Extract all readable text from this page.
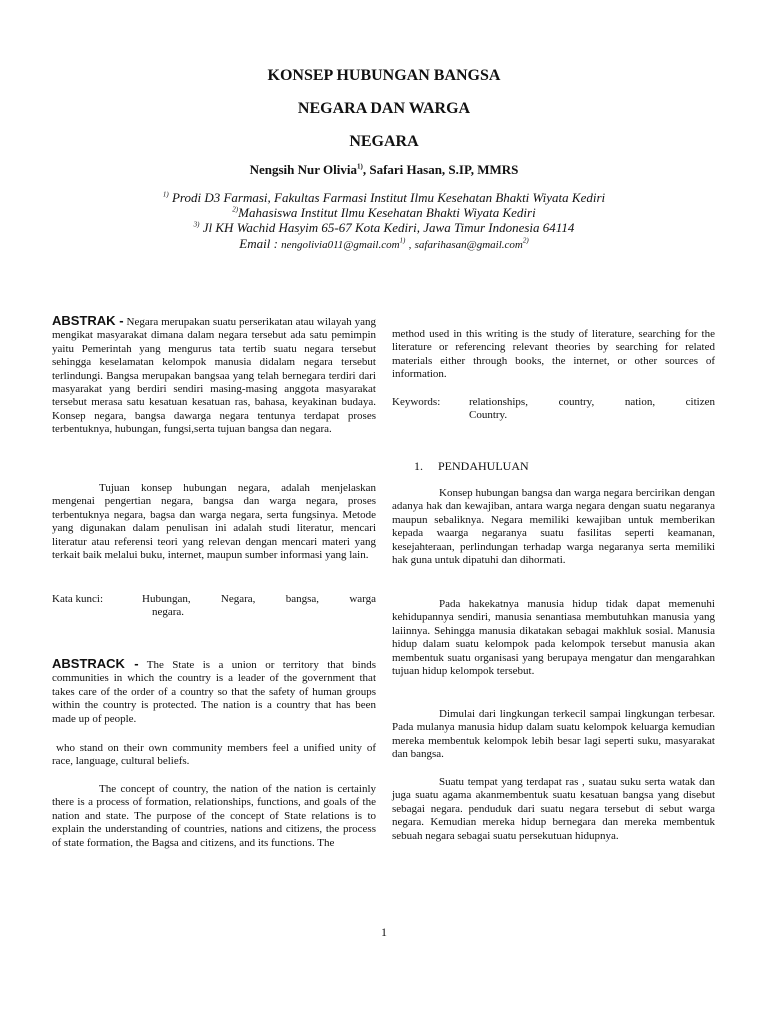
KONSEP HUBUNGAN BANGSA
NEGARA DAN WARGA
NEGARA
Nengsih Nur Olivia$^{1)}$, Safari Hasan, S.IP, MMRS
$^{1)}$ Prodi D3 Farmasi, Fakultas Farmasi Institut Ilmu Kesehatan Bhakti Wiyata Kediri
$^{2)}$Mahasiswa Institut Ilmu Kesehatan Bhakti Wiyata Kediri
$^{3)}$ Jl KH Wachid Hasyim 65-67 Kota Kediri, Jawa Timur Indonesia 64114
Email : nengolivia011@gmail.com$^{1)}$ , safarihasan@gmail.com$^{2)}$

ABSTRAK - Negara merupakan suatu perserikatan atau wilayah yang mengikat masyarakat dimana dalam negara tersebut ada satu pemimpin yaitu Pemerintah yang mengurus tata tertib suatu negara tersebut sehingga keselamatan kelompok manusia didalam negara tersebut terlindungi. Bangsa merupakan bangsaa yang telah bernegara terdiri dari masyarakat yang berdiri sendiri masing-masing anggota masyarakat tersebut merasa satu kesatuan kesatuan ras, bahasa, keyakinan budaya. Konsep negara, bangsa dawarga negara tentunya terdapat proses terbentuknya, hubungan, fungsi,serta tujuan bangsa dan negara.

Tujuan konsep hubungan negara, adalah menjelaskan mengenai pengertian negara, bangsa dan warga negara, proses terbentuknya negara, bagsa dan warga negara, serta fungsinya. Metode yang digunakan dalam penulisan ini adalah studi literatur, mencari literatur atau referensi teori yang relevan dengan mencari materi yang terkait baik melalui buku, internet, maupun sumber informasi yang lain.

Kata kunci:	Hubungan, Negara, bangsa, warga
negara.

ABSTRACK - The State is a union or territory that binds communities in which the country is a leader of the government that takes care of the order of a country so that the safety of human groups within the country is protected. The nation is a country that has been made up of people.

who stand on their own community members feel a unified unity of race, language, cultural beliefs.

The concept of country, the nation of the nation is certainly there is a process of formation, relationships, functions, and goals of the nation and state. The purpose of the concept of State relations is to explain the understanding of countries, nations and citizens, the process of state formation, the Bagsa and citizens, and its functions. The

method used in this writing is the study of literature, searching for the literature or referencing relevant theories by searching for related materials either through books, the internet, or other sources of information.

Keywords:	relationships, country, nation, citizen
Country.
1. PENDAHULUAN

Konsep hubungan bangsa dan warga negara bercirikan dengan adanya hak dan kewajiban, antara warga negara dengan suatu negaranya maupun sebaliknya. Negara memiliki kewajiban untuk memberikan kepada waarga negaranya suatu fasilitas seperti keamanan, kesejahteraan, perlindungan terhadap warga negaranya serta memiliki hak guna untuk dipatuhi dan dihormati.

Pada hakekatnya manusia hidup tidak dapat memenuhi kehidupannya sendiri, manusia senantiasa membutuhkan manusia yang laiinnya. Sehingga manusia dikatakan sebagai makhluk sosial. Manusia hidup dalam suatu kelompok pada kelompok tersebut manusia akan membentuk suatu organisasi yang berupaya mengatur dan mengarahkan tujuan hidup kelompok tersebut.

Dimulai dari lingkungan terkecil sampai lingkungan terbesar. Pada mulanya manusia hidup dalam suatu kelompok keluarga kemudian mereka membentuk kelompok lebih besar lagi seperti suku, masyarakat dan bangsa.

Suatu tempat yang terdapat ras , suatau suku serta watak dan juga suatu agama akanmembentuk suatu kesatuan bangsa yang disebut sebagai negara. penduduk dari suatu negara tersebut di sebut warga negara. Kemudian mereka hidup bernegara dan mereka membentuk sebuah negara sebagai suatu persekutuan hidupnya.

1
